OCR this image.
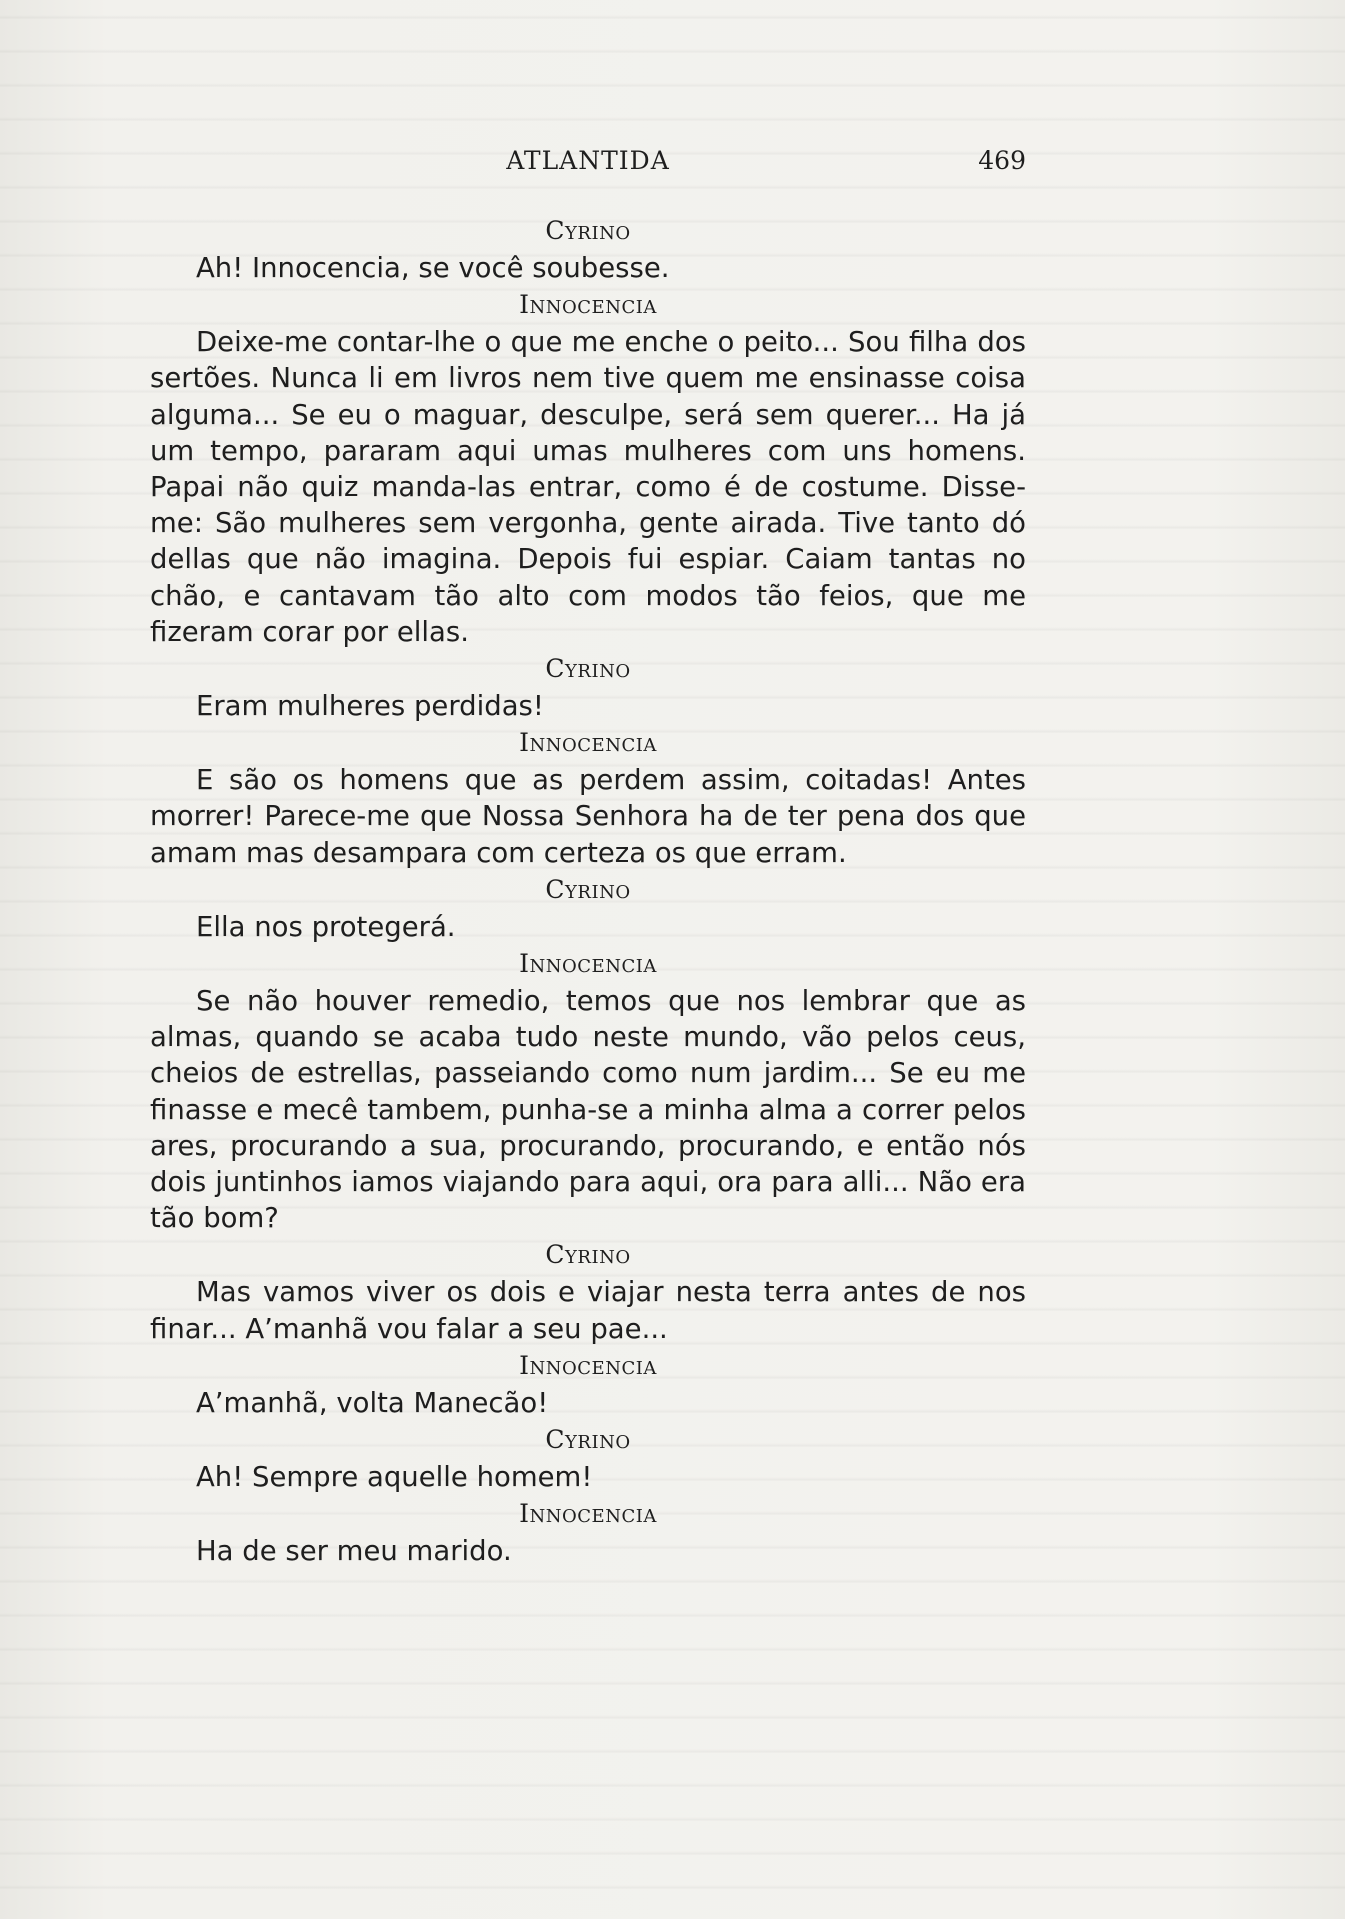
ATLANTIDA	469
Cyrino

Ah! Innocencia, se você soubesse.

Innocencia

Deixe-me contar-lhe o que me enche o peito... Sou filha dos sertões. Nunca li em livros nem tive quem me ensinasse coisa alguma... Se eu o maguar, desculpe, será sem querer... Ha já um tempo, pararam aqui umas mulheres com uns homens. Papai não quiz manda-las entrar, como é de costume. Disse-me: São mulheres sem vergonha, gente airada. Tive tanto dó dellas que não imagina. Depois fui espiar. Caiam tantas no chão, e cantavam tão alto com modos tão feios, que me fizeram corar por ellas.

Cyrino

Eram mulheres perdidas!

Innocencia

E são os homens que as perdem assim, coitadas! Antes morrer! Parece-me que Nossa Senhora ha de ter pena dos que amam mas desampara com certeza os que erram.

Cyrino

Ella nos protegerá.

Innocencia

Se não houver remedio, temos que nos lembrar que as almas, quando se acaba tudo neste mundo, vão pelos ceus, cheios de estrellas, passeiando como num jardim... Se eu me finasse e mecê tambem, punha-se a minha alma a correr pelos ares, procurando a sua, procurando, procurando, e então nós dois juntinhos iamos viajando para aqui, ora para alli... Não era tão bom?

Cyrino

Mas vamos viver os dois e viajar nesta terra antes de nos finar... A’manhã vou falar a seu pae...

Innocencia

A’manhã, volta Manecão!

Cyrino

Ah! Sempre aquelle homem!

Innocencia

Ha de ser meu marido.
